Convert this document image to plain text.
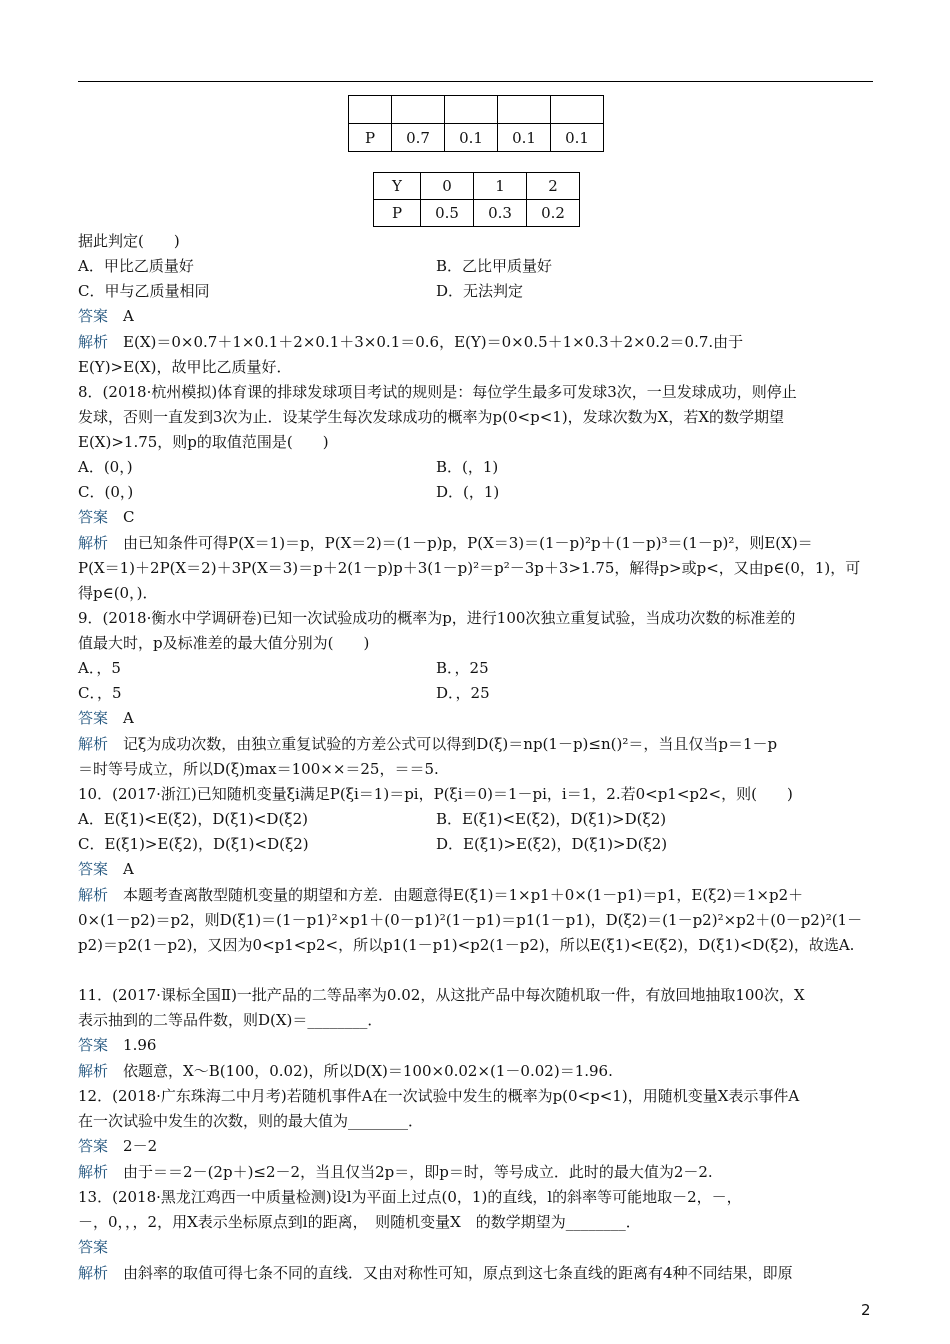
P	0.7	0.1	0.1	0.1
Y	0	1	2
P	0.5	0.3	0.2
据此判定(　　)
A．甲比乙质量好	B．乙比甲质量好
C．甲与乙质量相同	D．无法判定
答案　 A
解析　 E(X)＝0×0.7＋1×0.1＋2×0.1＋3×0.1＝0.6，E(Y)＝0×0.5＋1×0.3＋2×0.2＝0.7.由于
E(Y)>E(X)，故甲比乙质量好．
8．(2018·杭州模拟)体育课的排球发球项目考试的规则是：每位学生最多可发球3次，一旦发球成功，则停止
发球，否则一直发到3次为止．设某学生每次发球成功的概率为p(0<p<1)，发球次数为X，若X的数学期望
E(X)>1.75，则p的取值范围是(　　)
A．(0，)	B．(，1)
C．(0，)	D．(，1)
答案　 C
解析　 由已知条件可得P(X＝1)＝p，P(X＝2)＝(1－p)p，P(X＝3)＝(1－p)²p＋(1－p)³＝(1－p)²，则E(X)＝
P(X＝1)＋2P(X＝2)＋3P(X＝3)＝p＋2(1－p)p＋3(1－p)²＝p²－3p＋3>1.75，解得p>或p<，又由p∈(0，1)，可
得p∈(0，)．
9．(2018·衡水中学调研卷)已知一次试验成功的概率为p，进行100次独立重复试验，当成功次数的标准差的
值最大时，p及标准差的最大值分别为(　　)
A．，5	B．，25
C．，5	D．，25
答案　 A
解析　 记ξ为成功次数，由独立重复试验的方差公式可以得到D(ξ)＝np(1－p)≤n()²＝，当且仅当p＝1－p
＝时等号成立，所以D(ξ)max＝100××＝25，＝＝5.
10．(2017·浙江)已知随机变量ξi满足P(ξi＝1)＝pi，P(ξi＝0)＝1－pi，i＝1，2.若0<p1<p2<，则(　　)
A．E(ξ1)<E(ξ2)，D(ξ1)<D(ξ2)	B．E(ξ1)<E(ξ2)，D(ξ1)>D(ξ2)
C．E(ξ1)>E(ξ2)，D(ξ1)<D(ξ2)	D．E(ξ1)>E(ξ2)，D(ξ1)>D(ξ2)
答案　 A
解析　 本题考查离散型随机变量的期望和方差．由题意得E(ξ1)＝1×p1＋0×(1－p1)＝p1，E(ξ2)＝1×p2＋
0×(1－p2)＝p2，则D(ξ1)＝(1－p1)²×p1＋(0－p1)²(1－p1)＝p1(1－p1)，D(ξ2)＝(1－p2)²×p2＋(0－p2)²(1－
p2)＝p2(1－p2)，又因为0<p1<p2<，所以p1(1－p1)<p2(1－p2)，所以E(ξ1)<E(ξ2)，D(ξ1)<D(ξ2)，故选A.
11．(2017·课标全国Ⅱ)一批产品的二等品率为0.02，从这批产品中每次随机取一件，有放回地抽取100次，X
表示抽到的二等品件数，则D(X)＝________．
答案　 1.96
解析　 依题意，X～B(100，0.02)，所以D(X)＝100×0.02×(1－0.02)＝1.96.
12．(2018·广东珠海二中月考)若随机事件A在一次试验中发生的概率为p(0<p<1)，用随机变量X表示事件A
在一次试验中发生的次数，则的最大值为________．
答案　 2－2
解析　 由于＝＝2－(2p＋)≤2－2，当且仅当2p＝，即p＝时，等号成立．此时的最大值为2－2.
13．(2018·黑龙江鸡西一中质量检测)设l为平面上过点(0，1)的直线，l的斜率等可能地取－2，－，
－，0，，，2，用X表示坐标原点到l的距离，　则随机变量X　的数学期望为________．
答案　
解析　 由斜率的取值可得七条不同的直线．又由对称性可知，原点到这七条直线的距离有4种不同结果，即原
2
